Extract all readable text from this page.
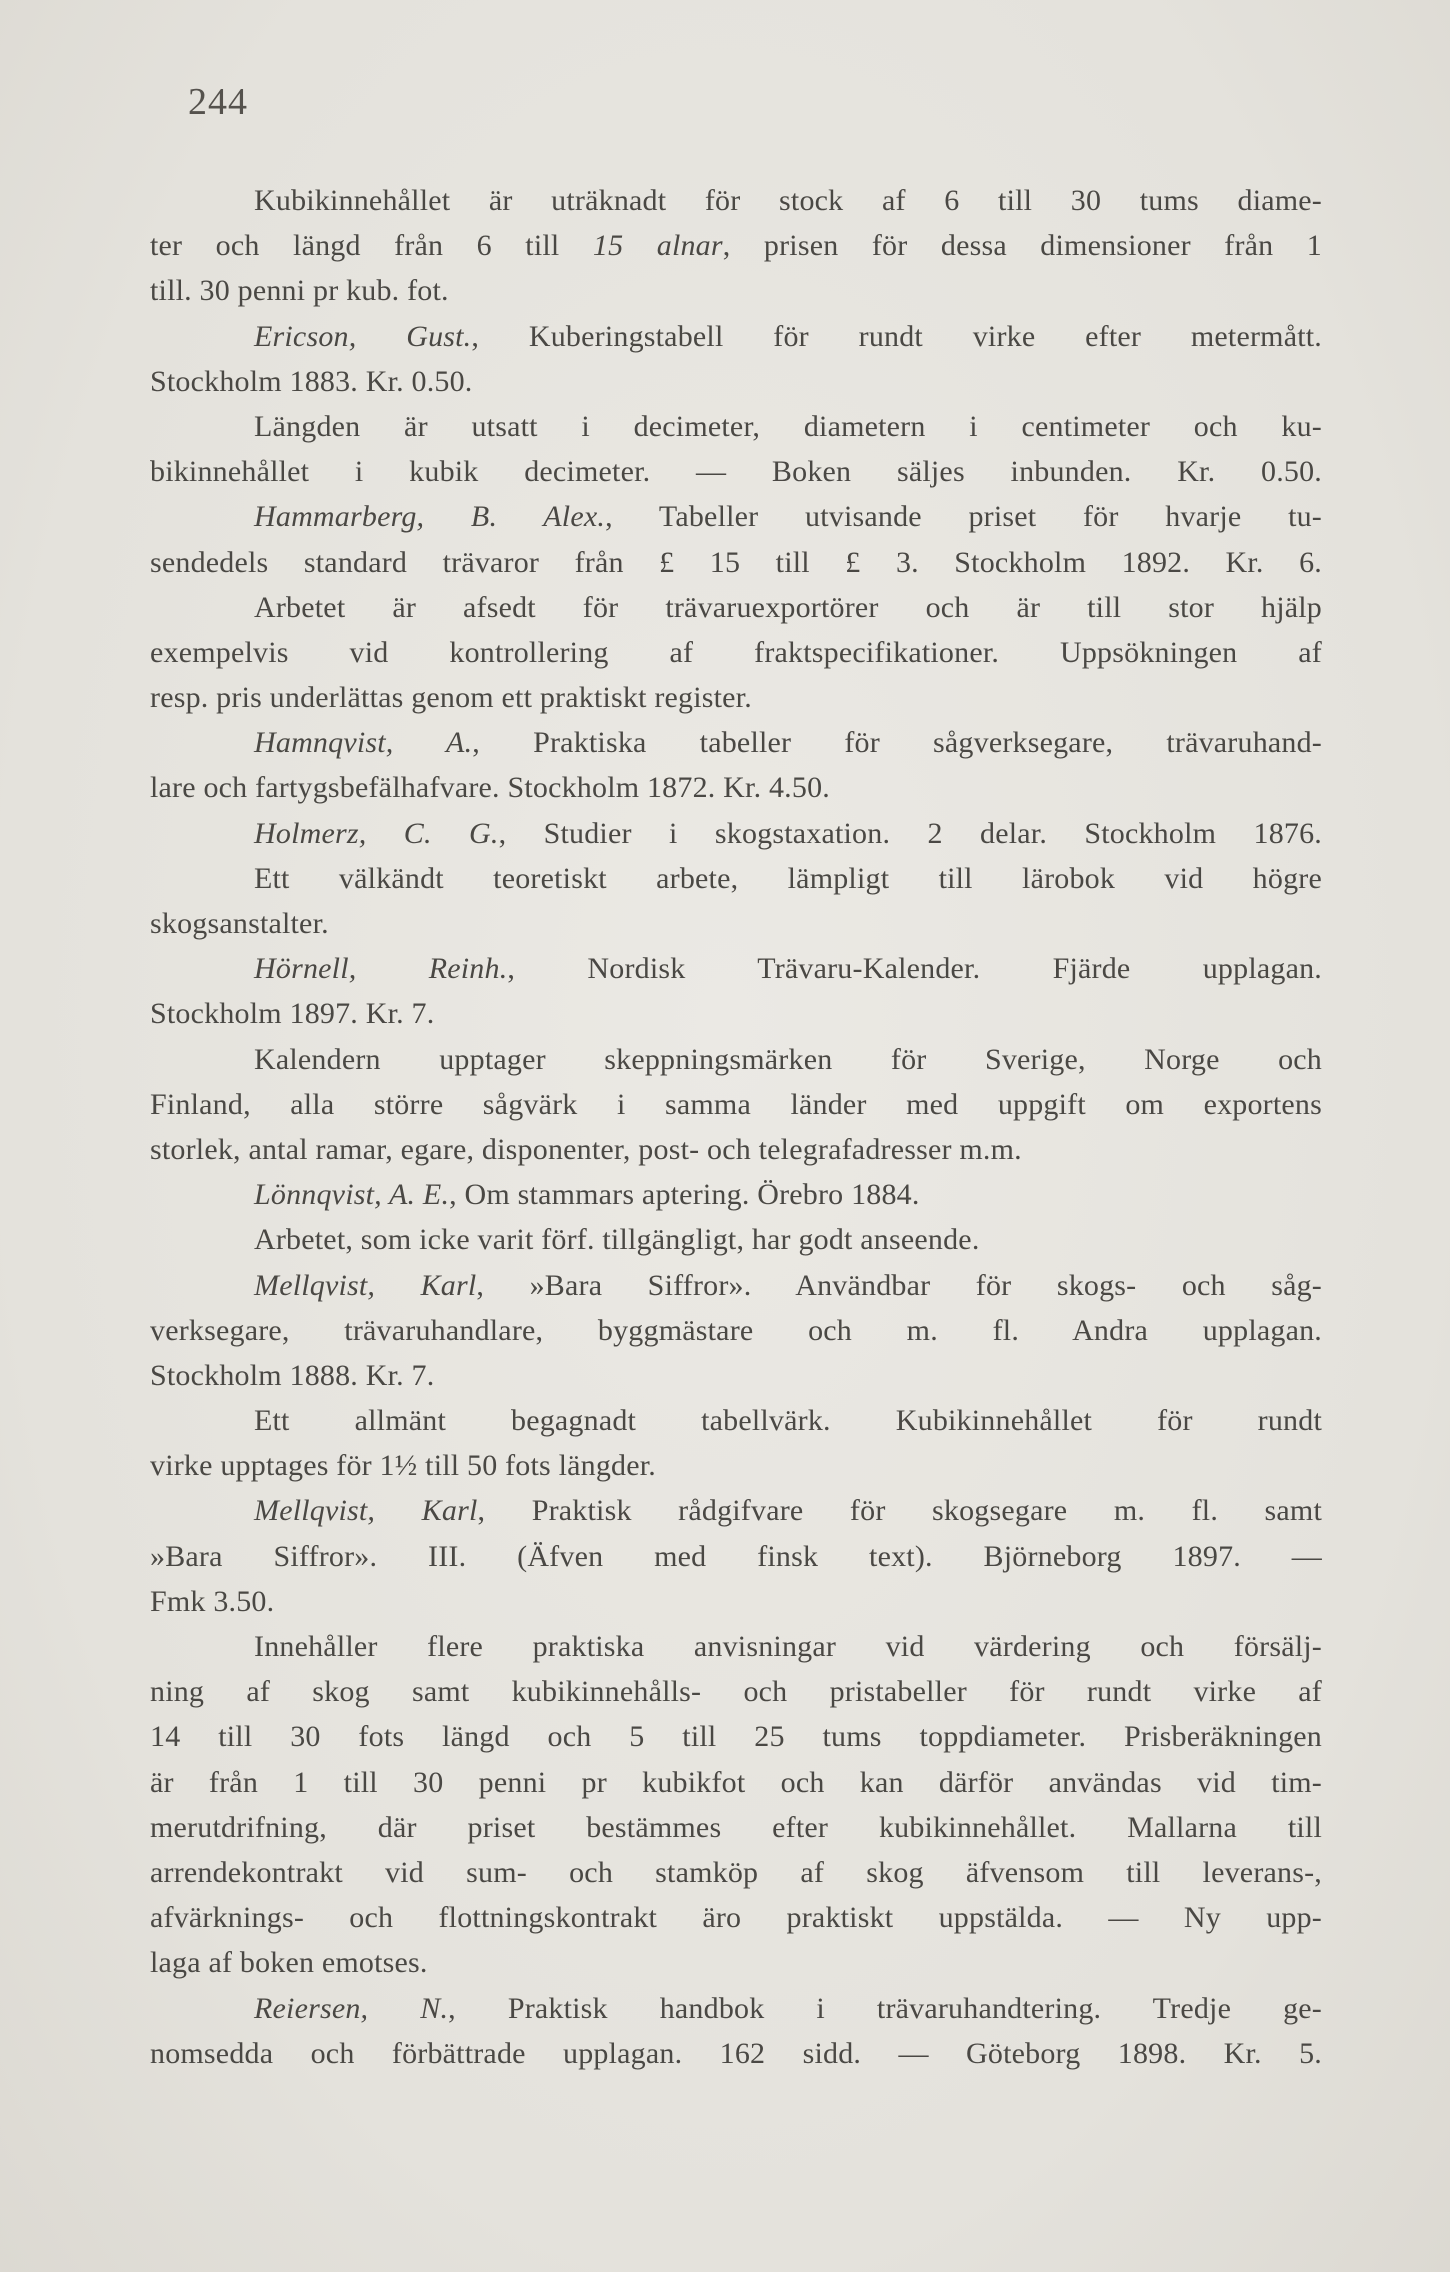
244
Kubikinnehållet är uträknadt för stock af 6 till 30 tums diame-
ter och längd från 6 till 15 alnar, prisen för dessa dimensioner från 1
till. 30 penni pr kub. fot.
Ericson, Gust., Kuberingstabell för rundt virke efter metermått.
Stockholm 1883. Kr. 0.50.
Längden är utsatt i decimeter, diametern i centimeter och ku-
bikinnehållet i kubik decimeter. — Boken säljes inbunden. Kr. 0.50.
Hammarberg, B. Alex., Tabeller utvisande priset för hvarje tu-
sendedels standard trävaror från £ 15 till £ 3. Stockholm 1892. Kr. 6.
Arbetet är afsedt för trävaruexportörer och är till stor hjälp
exempelvis vid kontrollering af fraktspecifikationer. Uppsökningen af
resp. pris underlättas genom ett praktiskt register.
Hamnqvist, A., Praktiska tabeller för sågverksegare, trävaruhand-
lare och fartygsbefälhafvare. Stockholm 1872. Kr. 4.50.
Holmerz, C. G., Studier i skogstaxation. 2 delar. Stockholm 1876.
Ett välkändt teoretiskt arbete, lämpligt till lärobok vid högre
skogsanstalter.
Hörnell, Reinh., Nordisk Trävaru-Kalender. Fjärde upplagan.
Stockholm 1897. Kr. 7.
Kalendern upptager skeppningsmärken för Sverige, Norge och
Finland, alla större sågvärk i samma länder med uppgift om exportens
storlek, antal ramar, egare, disponenter, post- och telegrafadresser m.m.
Lönnqvist, A. E., Om stammars aptering. Örebro 1884.
Arbetet, som icke varit förf. tillgängligt, har godt anseende.
Mellqvist, Karl, »Bara Siffror». Användbar för skogs- och såg-
verksegare, trävaruhandlare, byggmästare och m. fl. Andra upplagan.
Stockholm 1888. Kr. 7.
Ett allmänt begagnadt tabellvärk. Kubikinnehållet för rundt
virke upptages för 1½ till 50 fots längder.
Mellqvist, Karl, Praktisk rådgifvare för skogsegare m. fl. samt
»Bara Siffror». III. (Äfven med finsk text). Björneborg 1897. —
Fmk 3.50.
Innehåller flere praktiska anvisningar vid värdering och försälj-
ning af skog samt kubikinnehålls- och pristabeller för rundt virke af
14 till 30 fots längd och 5 till 25 tums toppdiameter. Prisberäkningen
är från 1 till 30 penni pr kubikfot och kan därför användas vid tim-
merutdrifning, där priset bestämmes efter kubikinnehållet. Mallarna till
arrendekontrakt vid sum- och stamköp af skog äfvensom till leverans-,
afvärknings- och flottningskontrakt äro praktiskt uppstälda. — Ny upp-
laga af boken emotses.
Reiersen, N., Praktisk handbok i trävaruhandtering. Tredje ge-
nomsedda och förbättrade upplagan. 162 sidd. — Göteborg 1898. Kr. 5.
